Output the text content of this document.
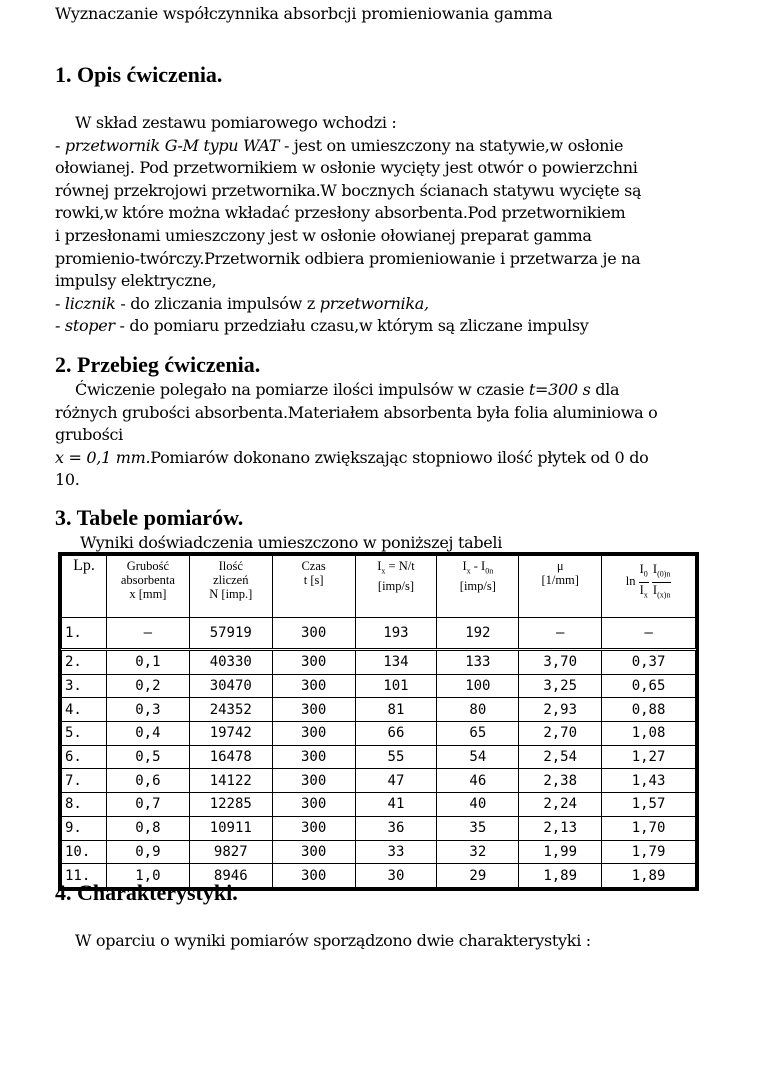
Wyznaczanie współczynnika absorbcji promieniowania gamma
1. Opis ćwiczenia.
W skład zestawu pomiarowego wchodzi :
- przetwornik G-M typu WAT - jest on umieszczony na statywie,w osłonie
ołowianej. Pod przetwornikiem w osłonie wycięty jest otwór o powierzchni
równej przekrojowi przetwornika.W bocznych ścianach statywu wycięte są
rowki,w które można wkładać przesłony absorbenta.Pod przetwornikiem
i przesłonami umieszczony jest w osłonie ołowianej preparat gamma
promienio-twórczy.Przetwornik odbiera promieniowanie i przetwarza je na
impulsy elektryczne,
- licznik - do zliczania impulsów z przetwornika,
- stoper - do pomiaru przedziału czasu,w którym są zliczane impulsy
2. Przebieg ćwiczenia.
Ćwiczenie polegało na pomiarze ilości impulsów w czasie t=300 s dla
różnych grubości absorbenta.Materiałem absorbenta była folia aluminiowa o
grubości
x = 0,1 mm.Pomiarów dokonano zwiększając stopniowo ilość płytek od 0 do
10.
3. Tabele pomiarów.
Wyniki doświadczenia umieszczono w poniższej tabeli
Lp.	Grubość
absorbenta
x [mm]	Ilość
zliczeń
N [imp.]	Czas
t [s]	$I_x = N/t$
[imp/s]	$I_x - I_{0n}$
[imp/s]	μ
[1/mm]	$\ln \frac{I_0}{I_x}$
$\frac{I_{(0)n}}{I_{(x)n}}$

1.	—	57919	300	193	192	—	—
2.	0,1	40330	300	134	133	3,70	0,37
3.	0,2	30470	300	101	100	3,25	0,65
4.	0,3	24352	300	81	80	2,93	0,88
5.	0,4	19742	300	66	65	2,70	1,08
6.	0,5	16478	300	55	54	2,54	1,27
7.	0,6	14122	300	47	46	2,38	1,43
8.	0,7	12285	300	41	40	2,24	1,57
9.	0,8	10911	300	36	35	2,13	1,70
10.	0,9	9827	300	33	32	1,99	1,79
11.	1,0	8946	300	30	29	1,89	1,89
4. Charakterystyki.
W oparciu o wyniki pomiarów sporządzono dwie charakterystyki :
